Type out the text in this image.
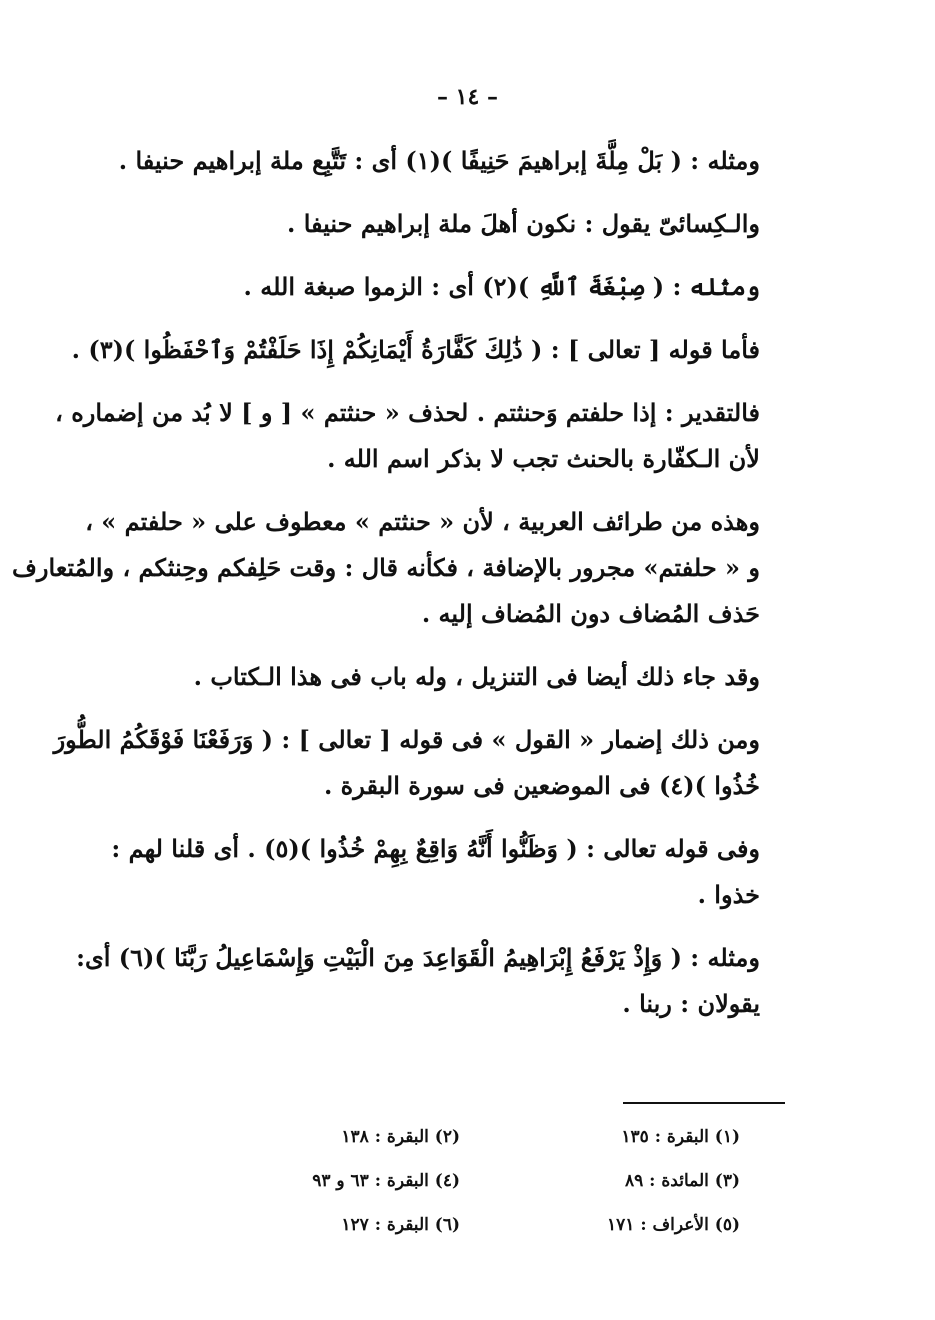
– ١٤ –

ومثله : ( بَلْ مِلَّةَ إبراهيمَ حَنِيفًا )(١) أى : تَتَّبِع ملة إبراهيم حنيفا .

والـكِسائىّ يقول : نكون أهلَ ملة إبراهيم حنيفا .

ومثله : ( صِبْغَةَ ٱللَّهِ )(٢) أى : الزموا صبغة الله .

فأما قوله [ تعالى ] : ( ذَٰلِكَ كَفَّارَةُ أَيْمَانِكُمْ إِذَا حَلَفْتُمْ وَٱحْفَظُوا )(٣) .

فالتقدير : إذا حلفتم وَحنثتم . لحذف « حنثتم » [ و ] لا بُد من إضماره ،
لأن الـكفّارة بالحنث تجب لا بذكر اسم الله .

وهذه من طرائف العربية ، لأن « حنثتم » معطوف على « حلفتم » ،
و « حلفتم» مجرور بالإضافة ، فكأنه قال : وقت حَلِفكم وحِنثكم ، والمُتعارف
حَذف المُضاف دون المُضاف إليه .

وقد جاء ذلك أيضا فى التنزيل ، وله باب فى هذا الـكتاب .

ومن ذلك إضمار « القول » فى قوله [ تعالى ] : ( وَرَفَعْنَا فَوْقَكُمُ الطُّورَ
خُذُوا )(٤) فى الموضعين فى سورة البقرة .

وفى قوله تعالى : ( وَظَنُّوا أَنَّهُ وَاقِعٌ بِهِمْ خُذُوا )(٥) . أى قلنا لهم :
خذوا .

ومثله : ( وَإِذْ يَرْفَعُ إِبْرَاهِيمُ الْقَوَاعِدَ مِنَ الْبَيْتِ وَإِسْمَاعِيلُ رَبَّنَا )(٦) أى:
يقولان : ربنا .

(١) البقرة : ١٣٥
(٢) البقرة : ١٣٨
(٣) المائدة : ٨٩
(٤) البقرة : ٦٣ و ٩٣
(٥) الأعراف : ١٧١
(٦) البقرة : ١٢٧
